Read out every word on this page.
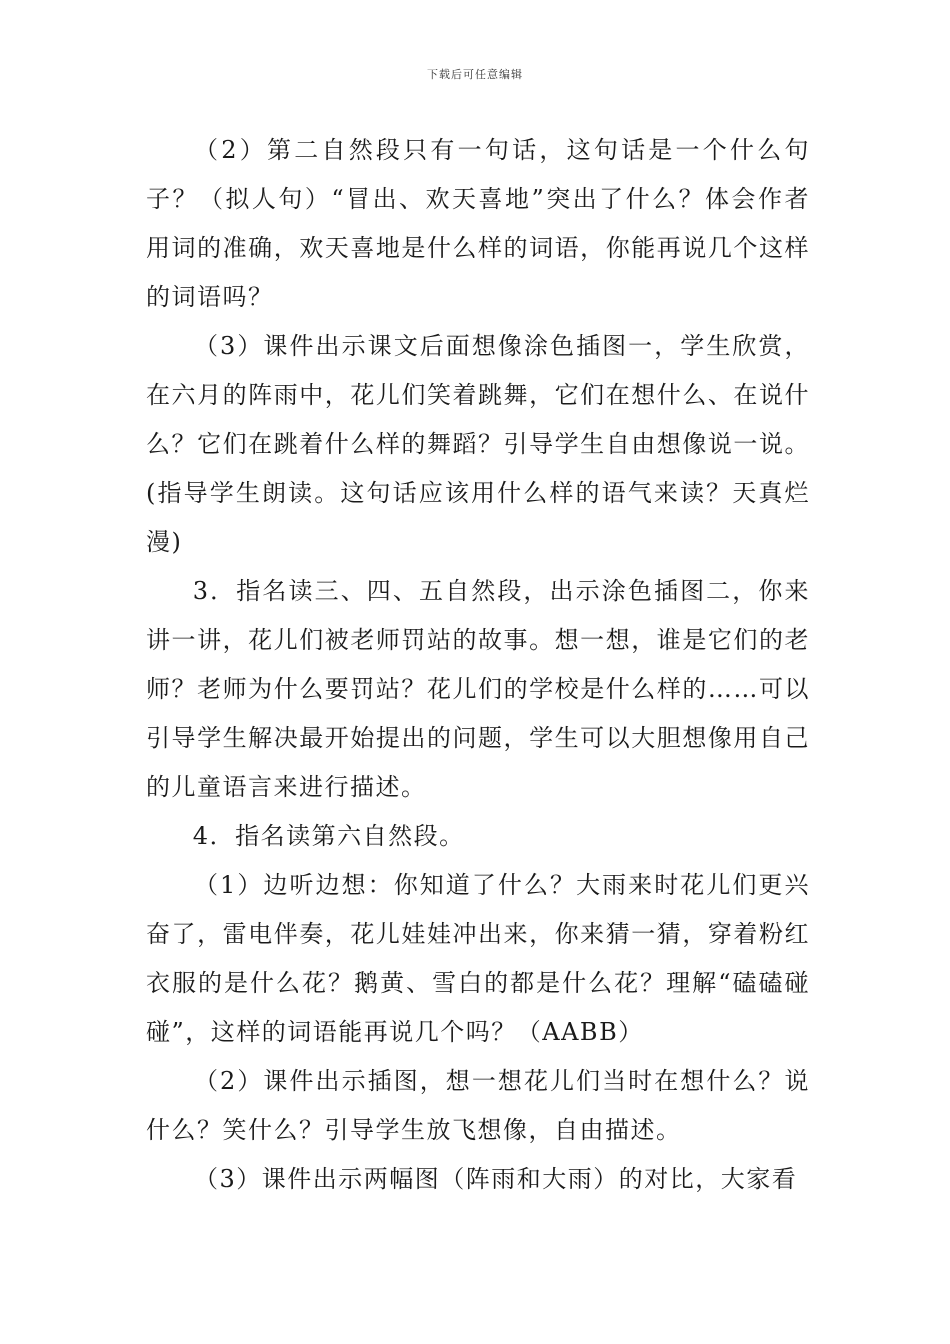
下载后可任意编辑

（2）第二自然段只有一句话，这句话是一个什么句子？（拟人句）“冒出、欢天喜地”突出了什么？体会作者用词的准确，欢天喜地是什么样的词语，你能再说几个这样的词语吗？

（3）课件出示课文后面想像涂色插图一，学生欣赏，在六月的阵雨中，花儿们笑着跳舞，它们在想什么、在说什么？它们在跳着什么样的舞蹈？引导学生自由想像说一说。(指导学生朗读。这句话应该用什么样的语气来读？天真烂漫)

3．指名读三、四、五自然段，出示涂色插图二，你来讲一讲，花儿们被老师罚站的故事。想一想，谁是它们的老师？老师为什么要罚站？花儿们的学校是什么样的……可以引导学生解决最开始提出的问题，学生可以大胆想像用自己的儿童语言来进行描述。

4．指名读第六自然段。

（1）边听边想：你知道了什么？大雨来时花儿们更兴奋了，雷电伴奏，花儿娃娃冲出来，你来猜一猜，穿着粉红衣服的是什么花？鹅黄、雪白的都是什么花？理解“磕磕碰碰”，这样的词语能再说几个吗？（AABB）

（2）课件出示插图，想一想花儿们当时在想什么？说什么？笑什么？引导学生放飞想像，自由描述。

（3）课件出示两幅图（阵雨和大雨）的对比，大家看
